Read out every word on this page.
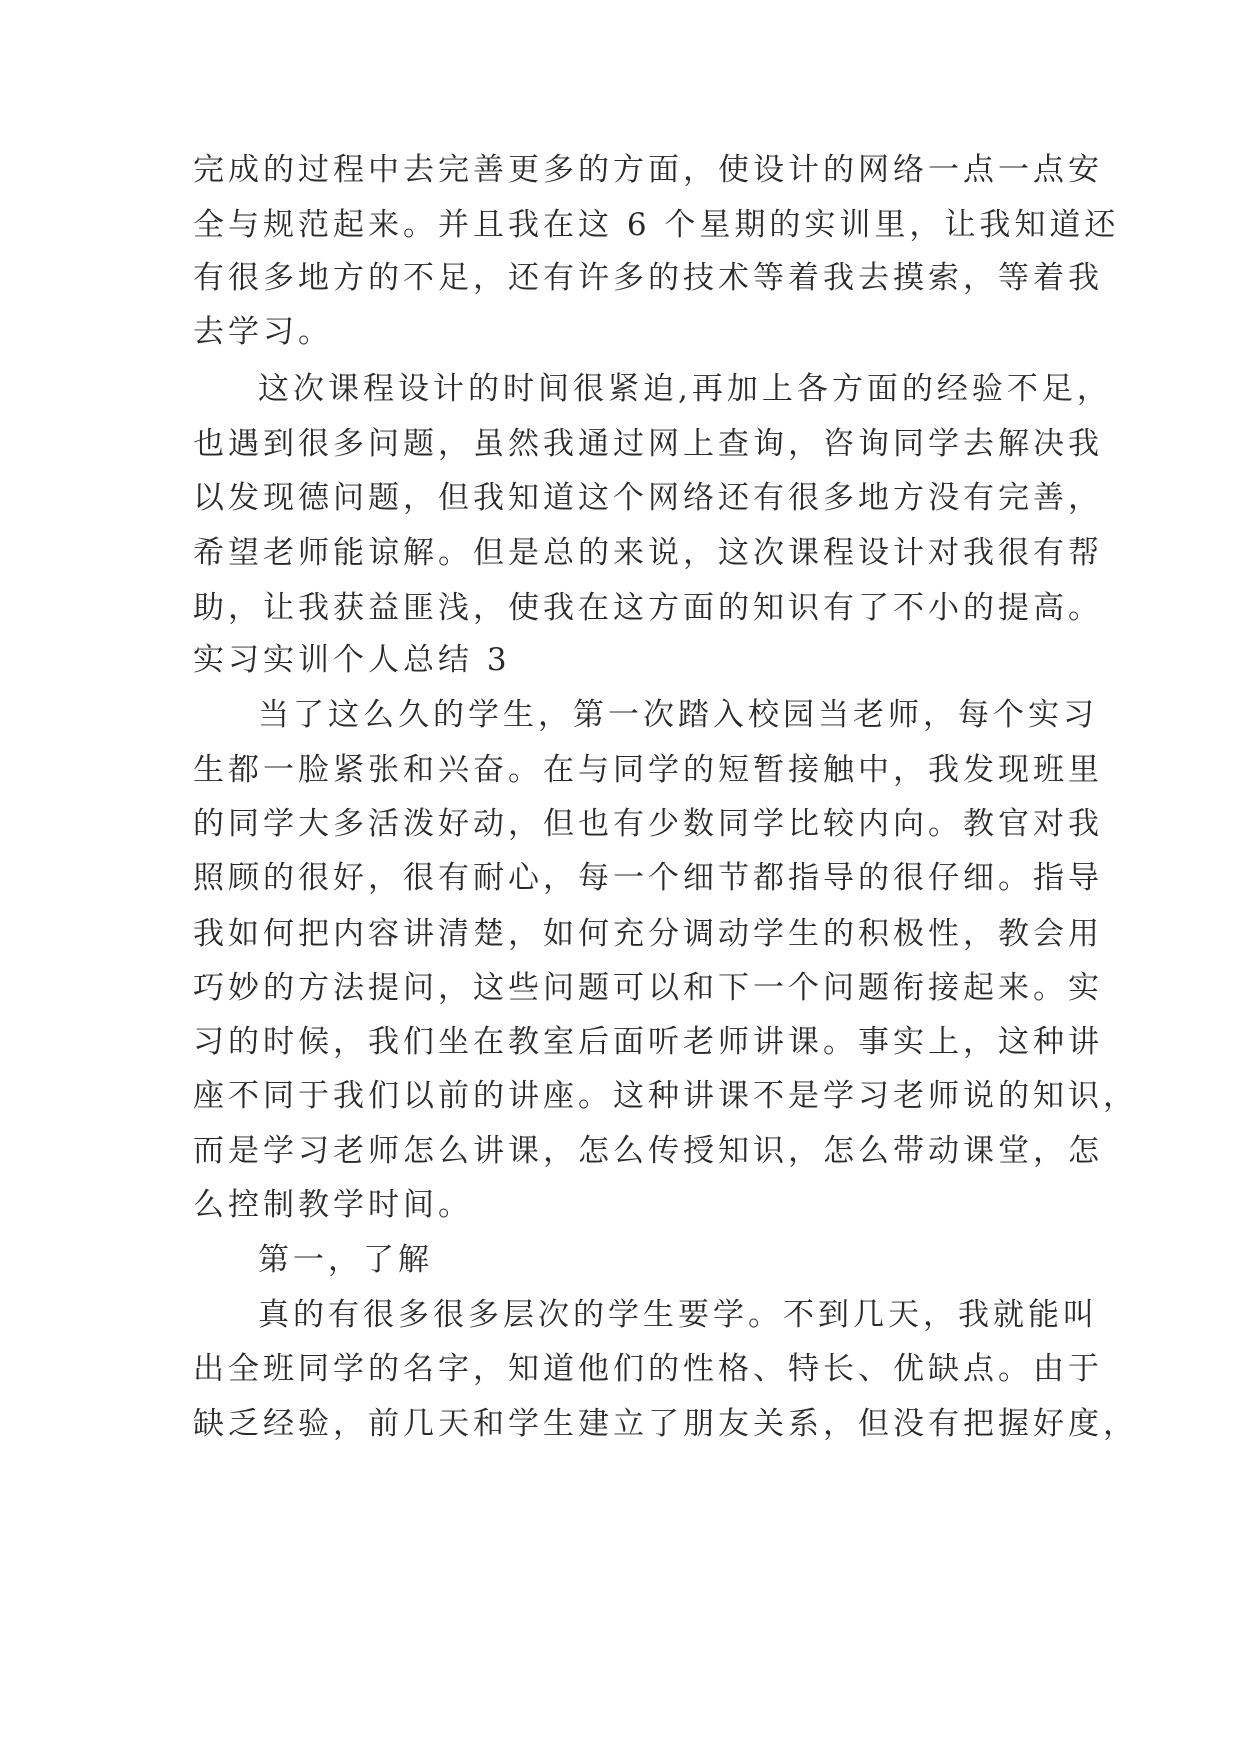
完成的过程中去完善更多的方面，使设计的网络一点一点安
全与规范起来。并且我在这 6 个星期的实训里，让我知道还
有很多地方的不足，还有许多的技术等着我去摸索，等着我
去学习。
这次课程设计的时间很紧迫,再加上各方面的经验不足，
也遇到很多问题，虽然我通过网上查询，咨询同学去解决我
以发现德问题，但我知道这个网络还有很多地方没有完善，
希望老师能谅解。但是总的来说，这次课程设计对我很有帮
助，让我获益匪浅，使我在这方面的知识有了不小的提高。
实习实训个人总结 3
当了这么久的学生，第一次踏入校园当老师，每个实习
生都一脸紧张和兴奋。在与同学的短暂接触中，我发现班里
的同学大多活泼好动，但也有少数同学比较内向。教官对我
照顾的很好，很有耐心，每一个细节都指导的很仔细。指导
我如何把内容讲清楚，如何充分调动学生的积极性，教会用
巧妙的方法提问，这些问题可以和下一个问题衔接起来。实
习的时候，我们坐在教室后面听老师讲课。事实上，这种讲
座不同于我们以前的讲座。这种讲课不是学习老师说的知识，
而是学习老师怎么讲课，怎么传授知识，怎么带动课堂，怎
么控制教学时间。
第一，了解
真的有很多很多层次的学生要学。不到几天，我就能叫
出全班同学的名字，知道他们的性格、特长、优缺点。由于
缺乏经验，前几天和学生建立了朋友关系，但没有把握好度，
